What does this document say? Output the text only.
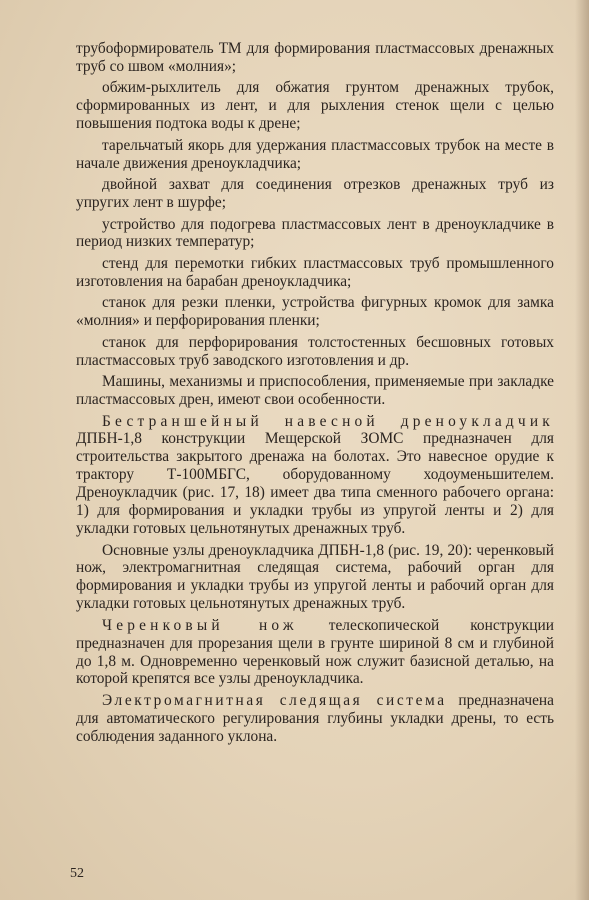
трубоформирователь ТМ для формирования пластмассовых дренажных труб со швом «молния»;

обжим-рыхлитель для обжатия грунтом дренажных трубок, сформированных из лент, и для рыхления стенок щели с целью повышения подтока воды к дрене;

тарельчатый якорь для удержания пластмассовых трубок на месте в начале движения дреноукладчика;

двойной захват для соединения отрезков дренажных труб из упругих лент в шурфе;

устройство для подогрева пластмассовых лент в дреноукладчике в период низких температур;

стенд для перемотки гибких пластмассовых труб промышленного изготовления на барабан дреноукладчика;

станок для резки пленки, устройства фигурных кромок для замка «молния» и перфорирования пленки;

станок для перфорирования толстостенных бесшовных готовых пластмассовых труб заводского изготовления и др.

Машины, механизмы и приспособления, применяемые при закладке пластмассовых дрен, имеют свои особенности.

Бестраншейный навесной дреноукладчик ДПБН-1,8 конструкции Мещерской ЗОМС предназначен для строительства закрытого дренажа на болотах. Это навесное орудие к трактору Т-100МБГС, оборудованному ходоуменьшителем. Дреноукладчик (рис. 17, 18) имеет два типа сменного рабочего органа: 1) для формирования и укладки трубы из упругой ленты и 2) для укладки готовых цельнотянутых дренажных труб.

Основные узлы дреноукладчика ДПБН-1,8 (рис. 19, 20): черенковый нож, электромагнитная следящая система, рабочий орган для формирования и укладки трубы из упругой ленты и рабочий орган для укладки готовых цельнотянутых дренажных труб.

Черенковый нож телескопической конструкции предназначен для прорезания щели в грунте шириной 8 см и глубиной до 1,8 м. Одновременно черенковый нож служит базисной деталью, на которой крепятся все узлы дреноукладчика.

Электромагнитная следящая система предназначена для автоматического регулирования глубины укладки дрены, то есть соблюдения заданного уклона.

52
